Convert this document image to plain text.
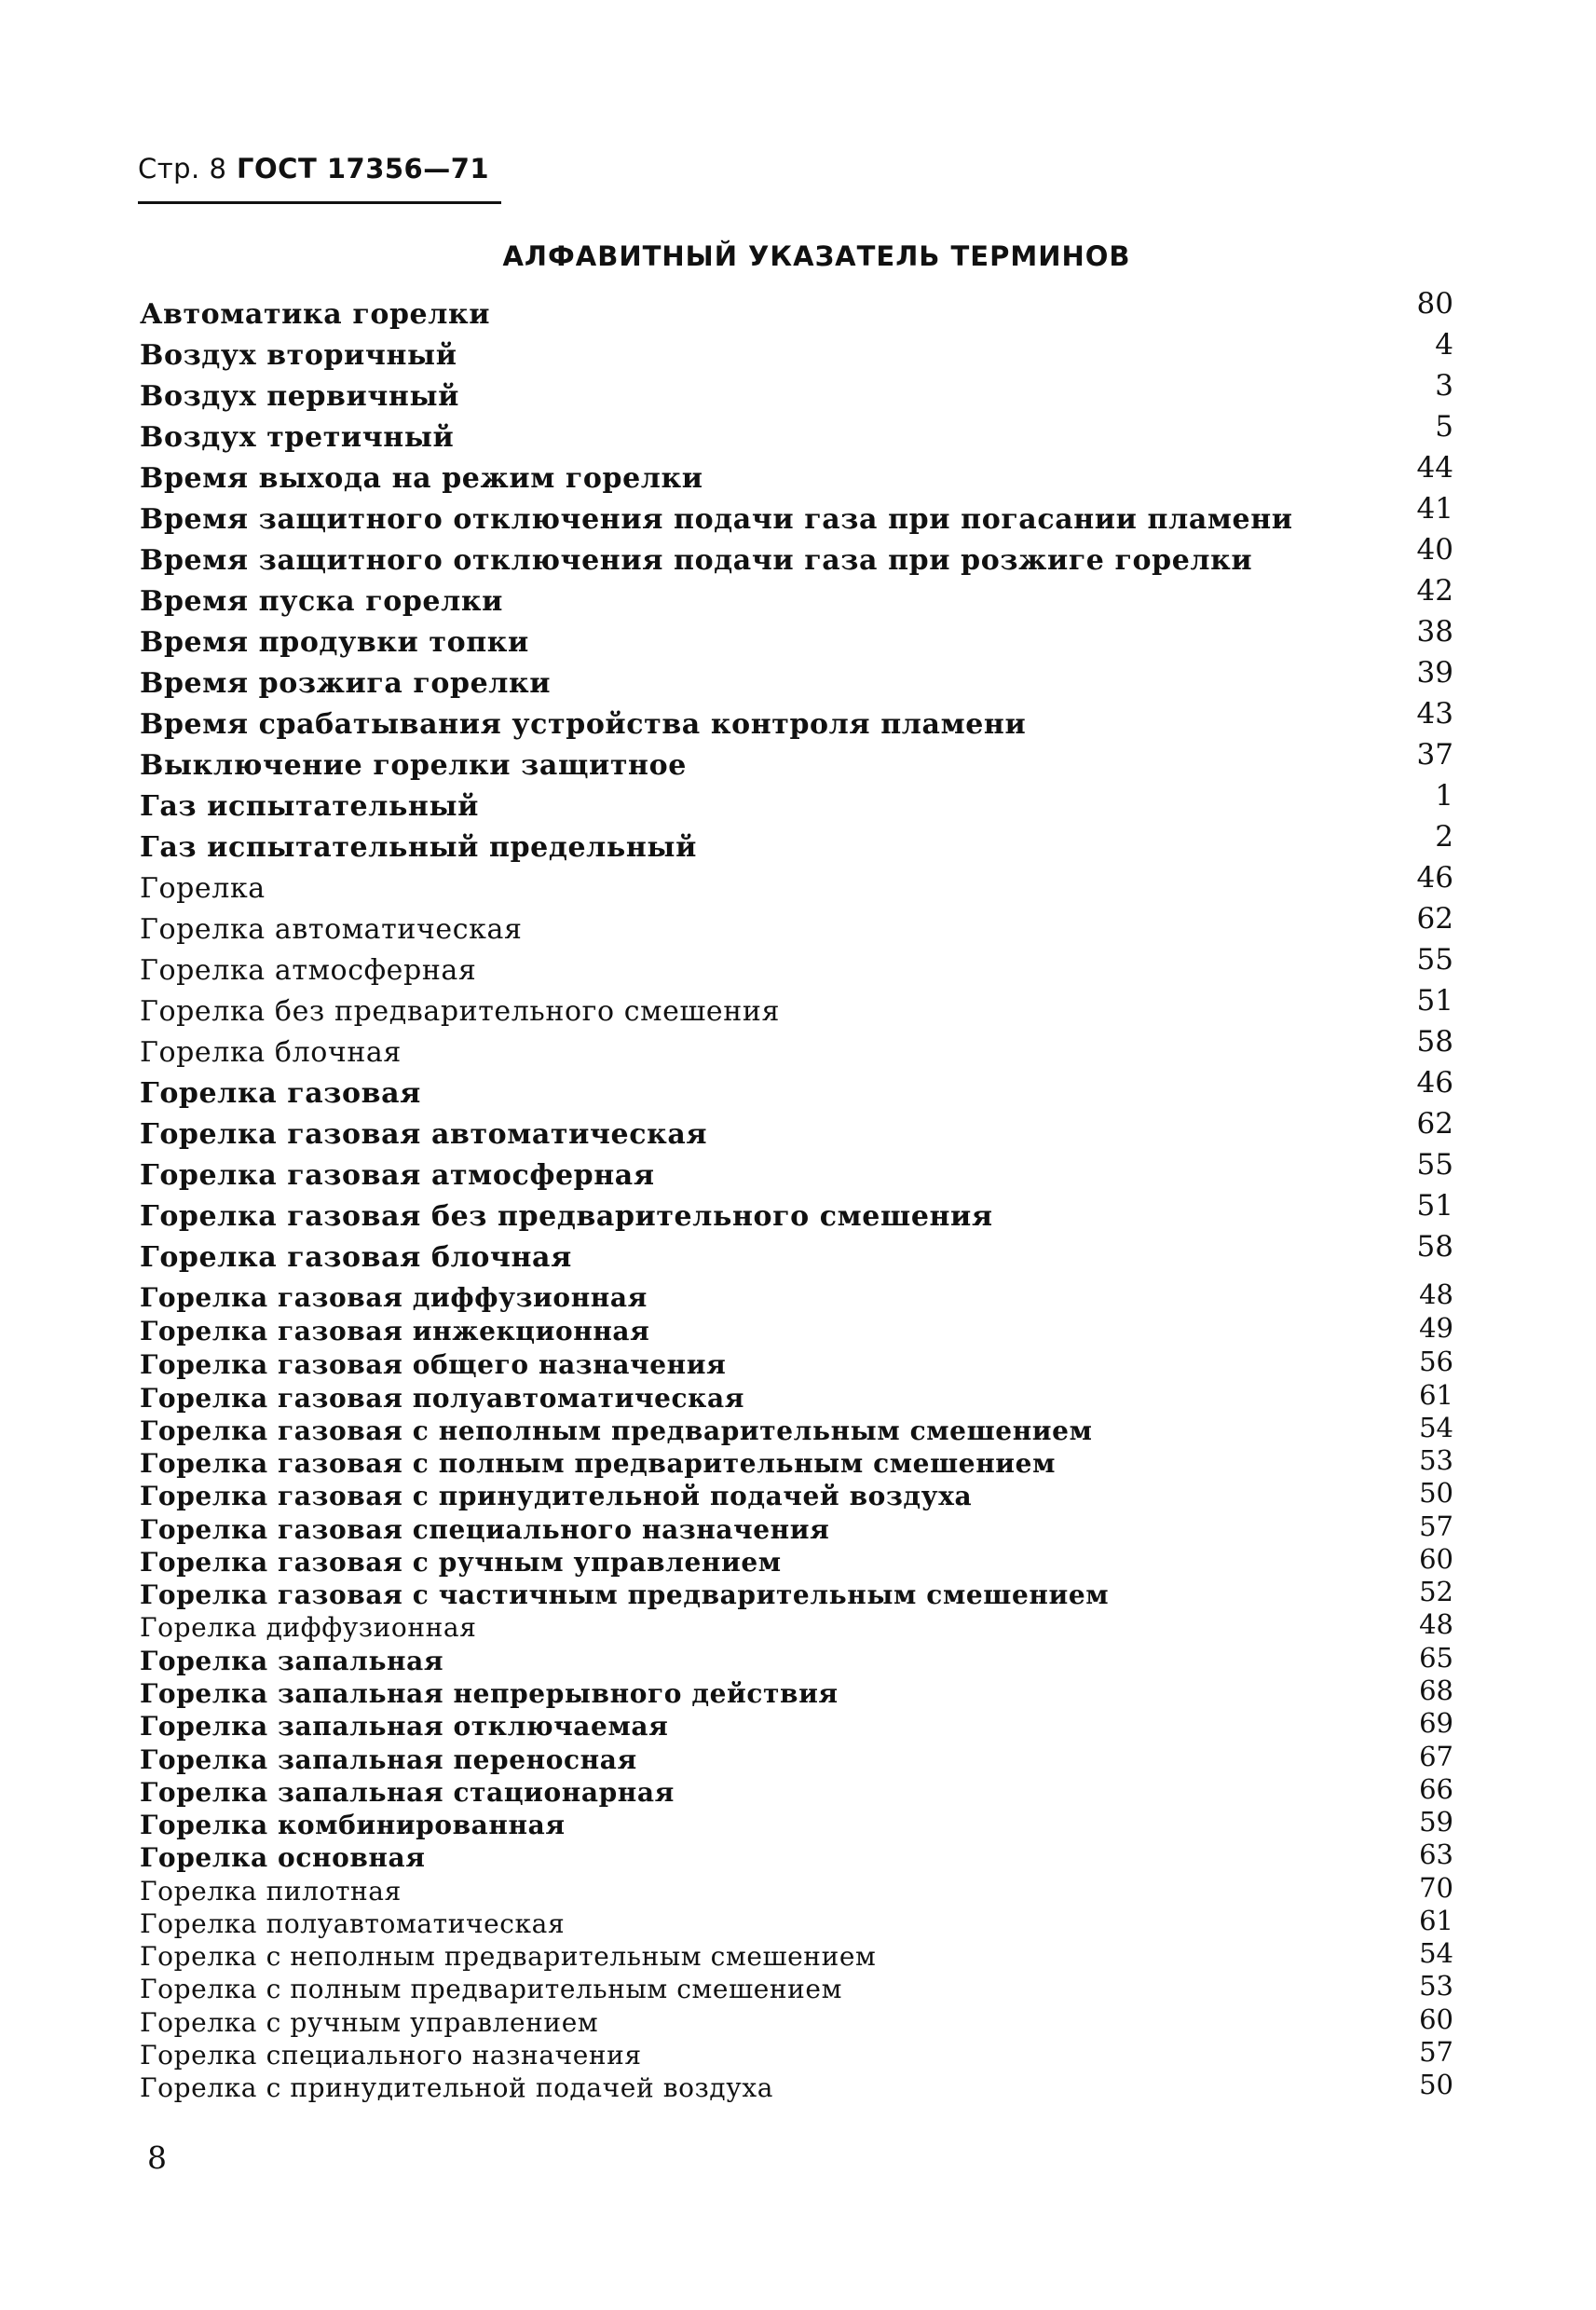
Стр. 8 ГОСТ 17356—71
АЛФАВИТНЫЙ УКАЗАТЕЛЬ ТЕРМИНОВ
Автоматика горелки	80
Воздух вторичный	4
Воздух первичный	3
Воздух третичный	5
Время выхода на режим горелки	44
Время защитного отключения подачи газа при погасании пламени	41
Время защитного отключения подачи газа при розжиге горелки	40
Время пуска горелки	42
Время продувки топки	38
Время розжига горелки	39
Время срабатывания устройства контроля пламени	43
Выключение горелки защитное	37
Газ испытательный	1
Газ испытательный предельный	2
Горелка	46
Горелка автоматическая	62
Горелка атмосферная	55
Горелка без предварительного смешения	51
Горелка блочная	58
Горелка газовая	46
Горелка газовая автоматическая	62
Горелка газовая атмосферная	55
Горелка газовая без предварительного смешения	51
Горелка газовая блочная	58
Горелка газовая диффузионная	48
Горелка газовая инжекционная	49
Горелка газовая общего назначения	56
Горелка газовая полуавтоматическая	61
Горелка газовая с неполным предварительным смешением	54
Горелка газовая с полным предварительным смешением	53
Горелка газовая с принудительной подачей воздуха	50
Горелка газовая специального назначения	57
Горелка газовая с ручным управлением	60
Горелка газовая с частичным предварительным смешением	52
Горелка диффузионная	48
Горелка запальная	65
Горелка запальная непрерывного действия	68
Горелка запальная отключаемая	69
Горелка запальная переносная	67
Горелка запальная стационарная	66
Горелка комбинированная	59
Горелка основная	63
Горелка пилотная	70
Горелка полуавтоматическая	61
Горелка с неполным предварительным смешением	54
Горелка с полным предварительным смешением	53
Горелка с ручным управлением	60
Горелка специального назначения	57
Горелка с принудительной подачей воздуха	50
8
